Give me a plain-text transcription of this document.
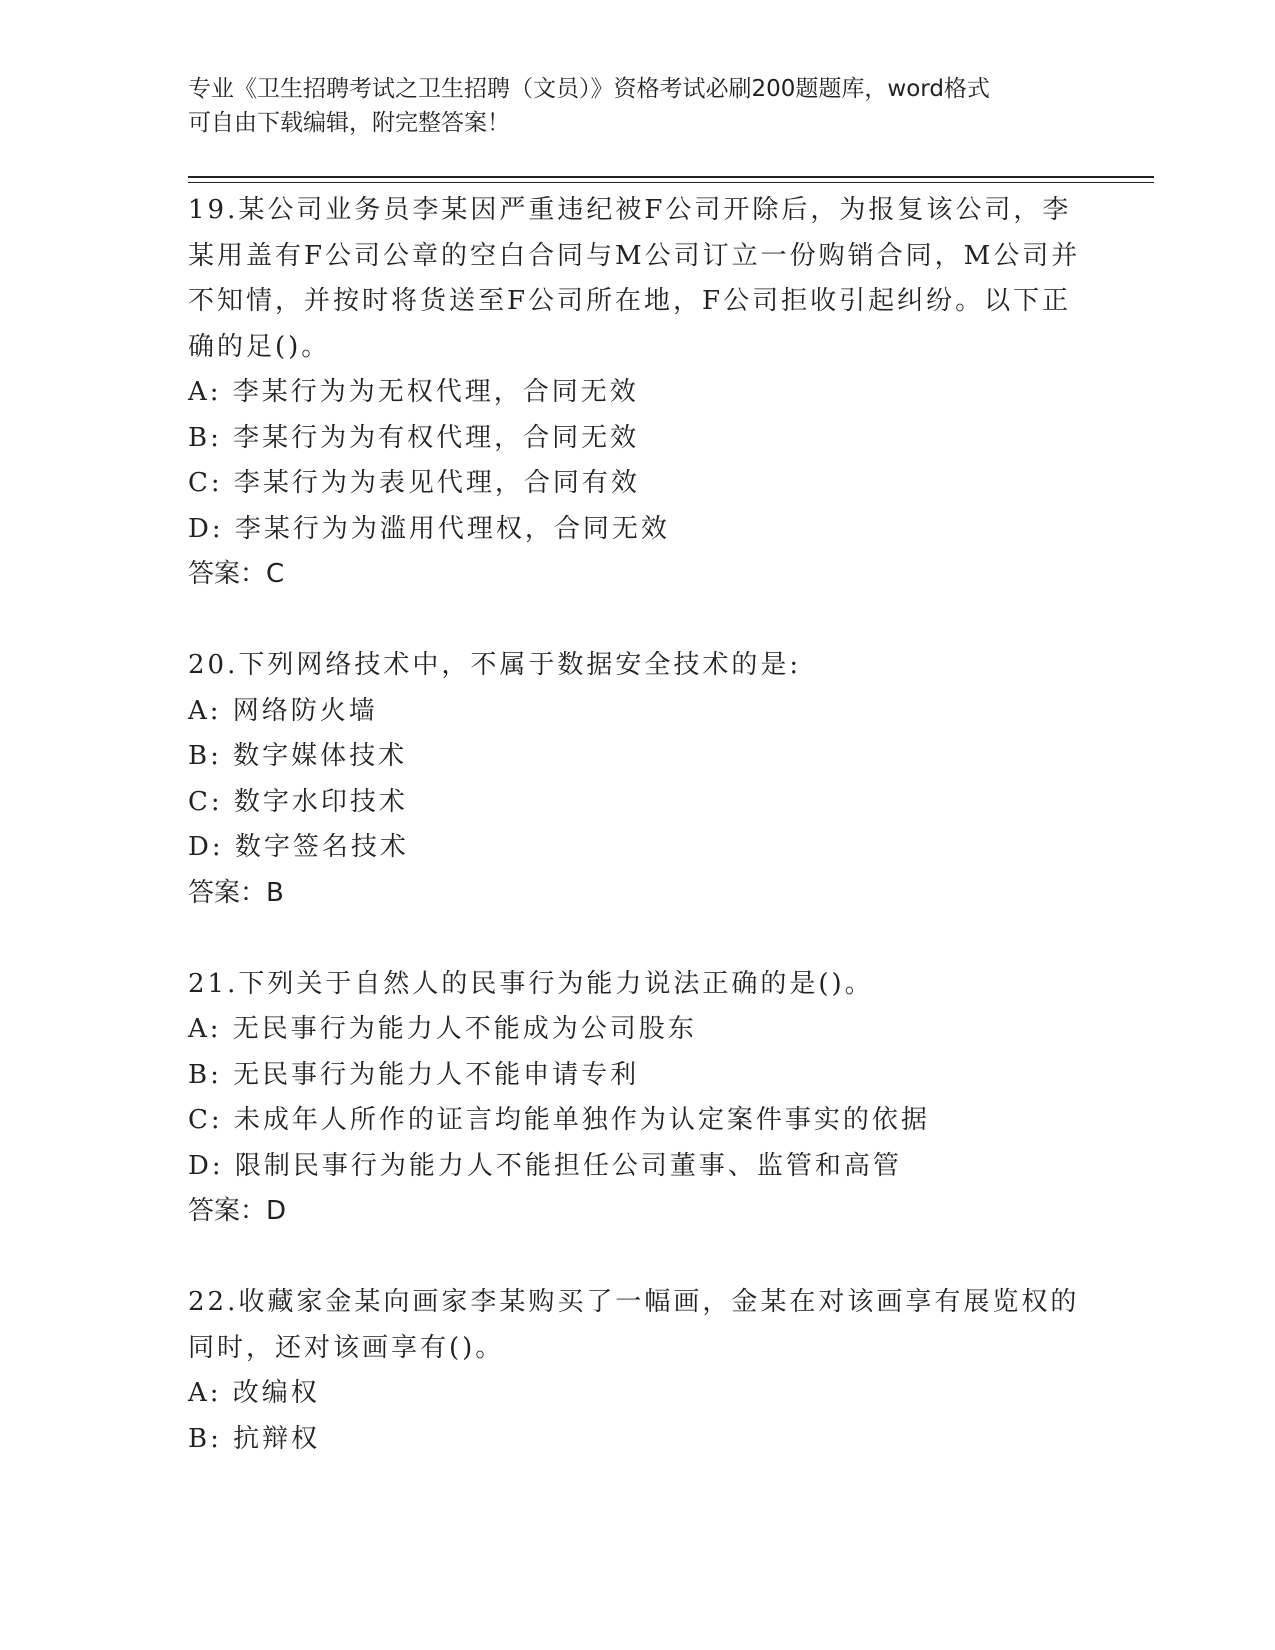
专业《卫生招聘考试之卫生招聘（文员）》资格考试必刷200题题库，word格式
可自由下载编辑，附完整答案！
19.某公司业务员李某因严重违纪被F公司开除后，为报复该公司，李
某用盖有F公司公章的空白合同与M公司订立一份购销合同，M公司并
不知情，并按时将货送至F公司所在地，F公司拒收引起纠纷。以下正
确的足()。
A: 李某行为为无权代理，合同无效
B: 李某行为为有权代理，合同无效
C: 李某行为为表见代理，合同有效
D: 李某行为为滥用代理权，合同无效
答案：C
20.下列网络技术中，不属于数据安全技术的是:
A: 网络防火墙
B: 数字媒体技术
C: 数字水印技术
D: 数字签名技术
答案：B
21.下列关于自然人的民事行为能力说法正确的是()。
A: 无民事行为能力人不能成为公司股东
B: 无民事行为能力人不能申请专利
C: 未成年人所作的证言均能单独作为认定案件事实的依据
D: 限制民事行为能力人不能担任公司董事、监管和高管
答案：D
22.收藏家金某向画家李某购买了一幅画，金某在对该画享有展览权的
同时，还对该画享有()。
A: 改编权
B: 抗辩权
